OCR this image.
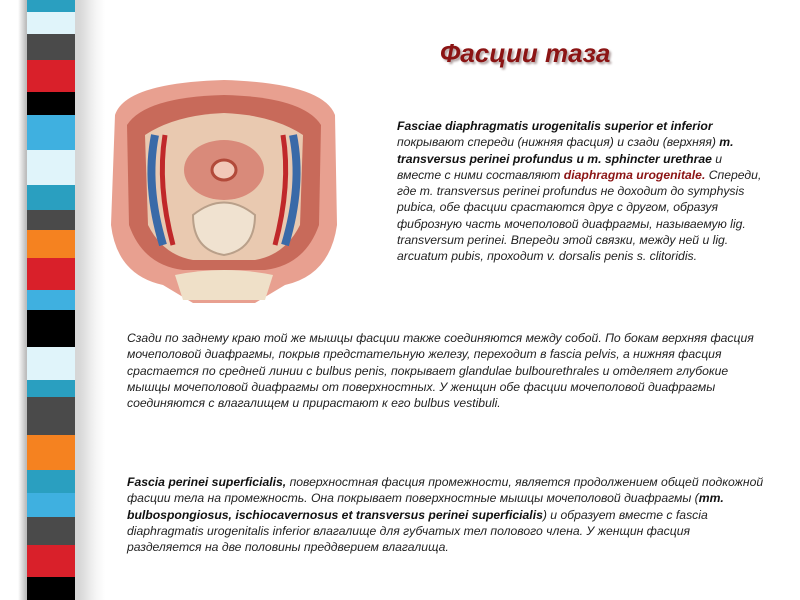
Фасции таза
Fasciae diaphragmatis urogenitalis superior et inferior покрывают спереди (нижняя фасция) и сзади (верхняя) m. transversus perinei profundus u m. sphincter urethrae и вместе с ними составляют diaphragma urogenitale. Спереди, где m. transversus perinei profundus не доходит до symphysis pubica, обе фасции срастаются друг с другом, образуя фиброзную часть мочеполовой диафрагмы, называемую lig. transversum perinei. Впереди этой связки, между ней и lig. arcuatum pubis, проходит v. dorsalis penis s. clitoridis.
Сзади по заднему краю той же мышцы фасции также соединяются между собой. По бокам верхняя фасция мочеполовой диафрагмы, покрыв предстательную железу, переходит в fascia pelvis, а нижняя фасция срастается по средней линии с bulbus penis, покрывает glandulae bulbourethrales и отделяет глубокие мышцы мочеполовой диафрагмы от поверхностных. У женщин обе фасции мочеполовой диафрагмы соединяются с влагалищем и прирастают к его bulbus vestibuli.
Fascia perinei superficialis, поверхностная фасция промежности, является продолжением общей подкожной фасции тела на промежность. Она покрывает поверхностные мышцы мочеполовой диафрагмы (mm. bulbospongiosus, ischiocavernosus et transversus perinei superficialis) и образует вместе с fascia diaphragmatis urogenitalis inferior влагалище для губчатых тел полового члена. У женщин фасция разделяется на две половины преддверием влагалища.
